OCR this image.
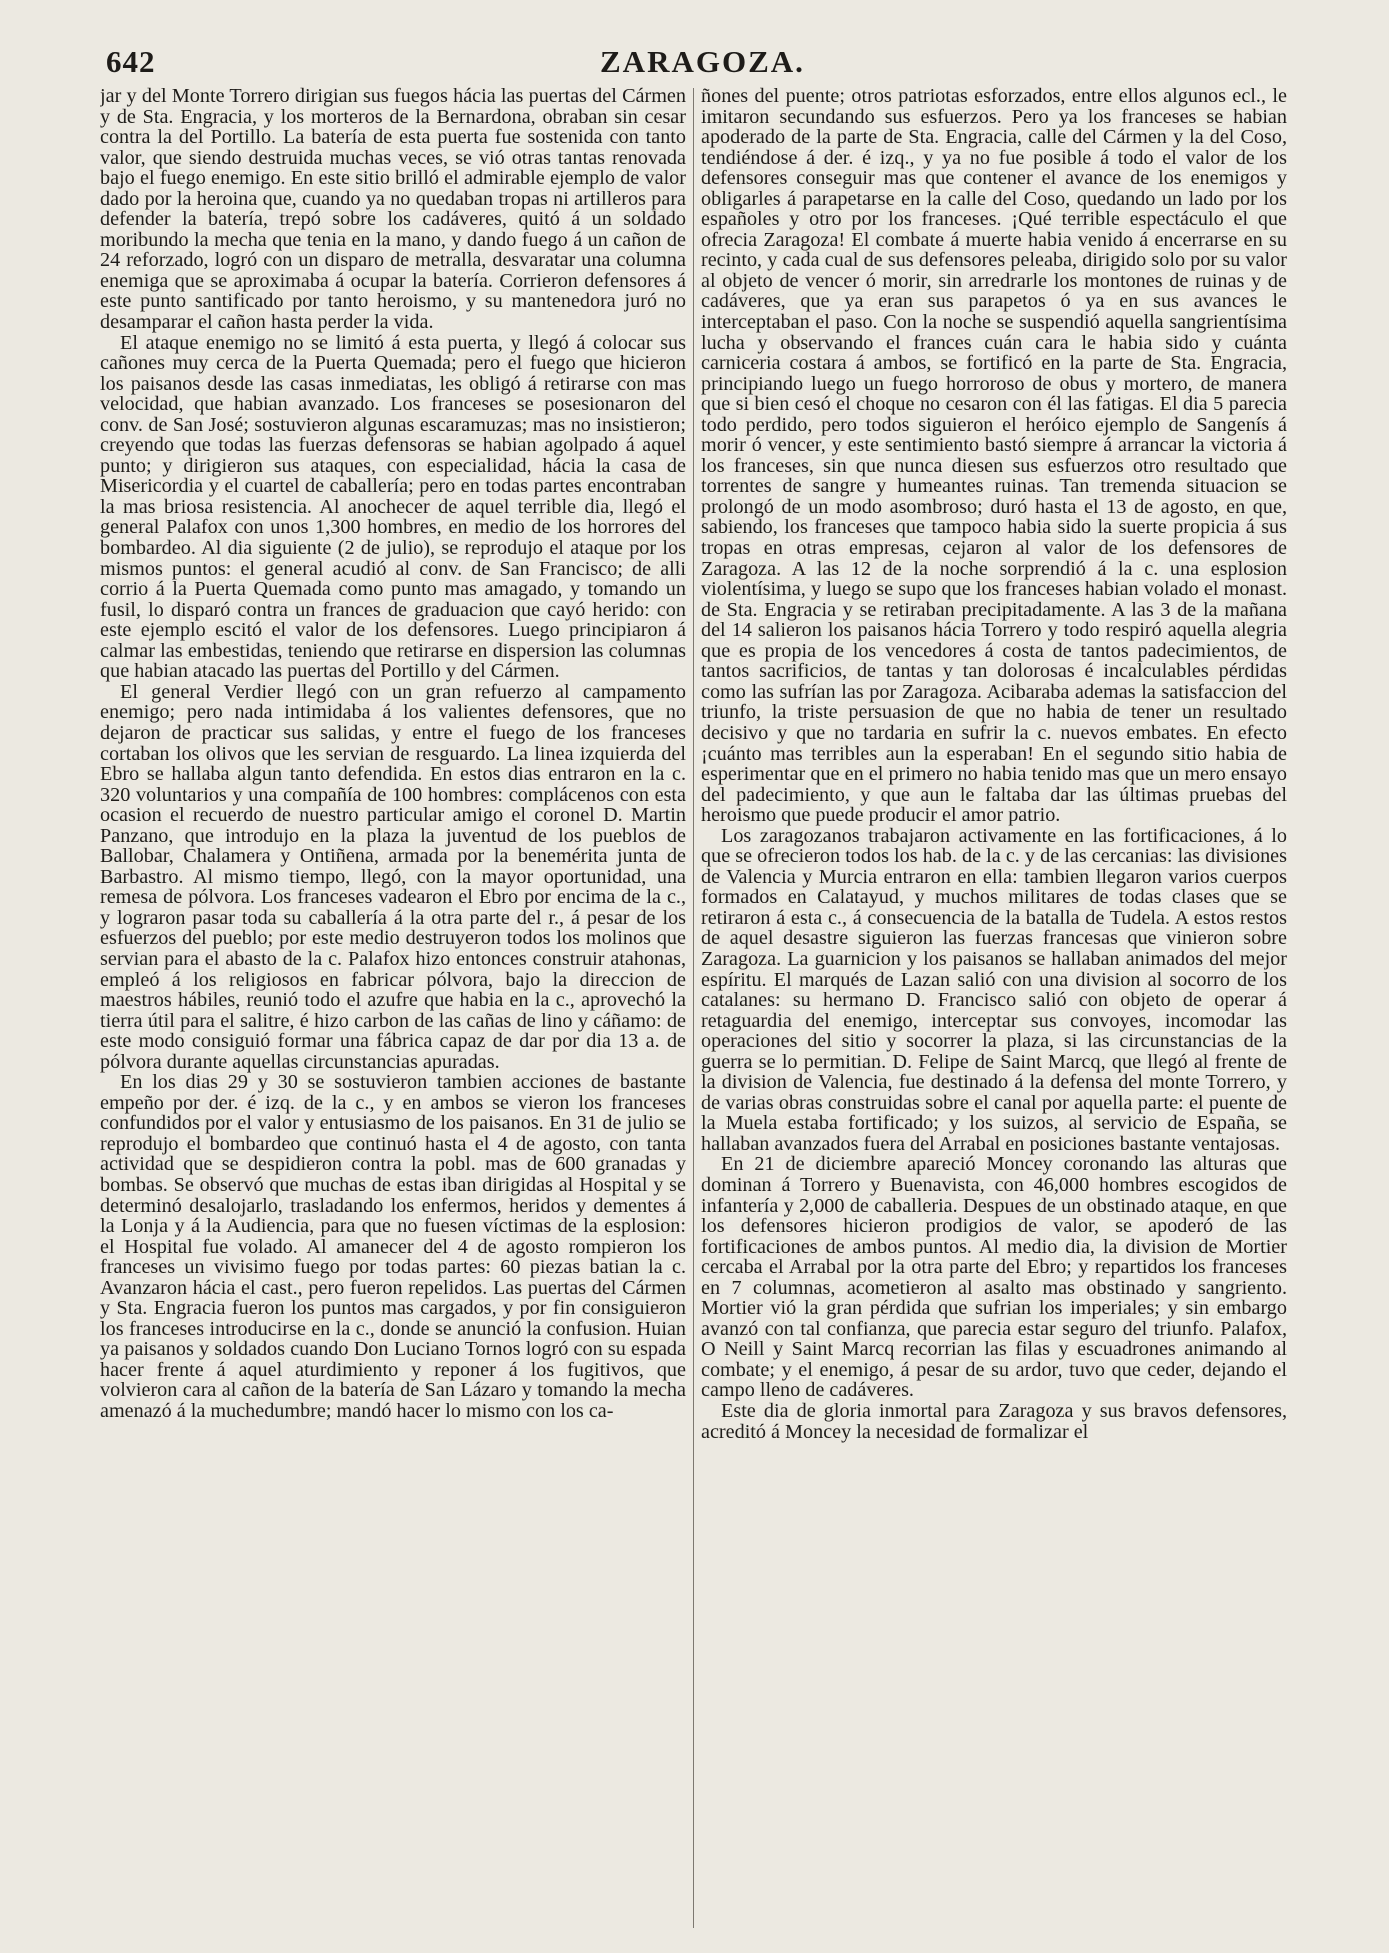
642	ZARAGOZA.

jar y del Monte Torrero dirigian sus fuegos hácia las puertas del Cármen y de Sta. Engracia, y los morteros de la Bernardona, obraban sin cesar contra la del Portillo. La batería de esta puerta fue sostenida con tanto valor, que siendo destruida muchas veces, se vió otras tantas renovada bajo el fuego enemigo. En este sitio brilló el admirable ejemplo de valor dado por la heroina que, cuando ya no quedaban tropas ni artilleros para defender la batería, trepó sobre los cadáveres, quitó á un soldado moribundo la mecha que tenia en la mano, y dando fuego á un cañon de 24 reforzado, logró con un disparo de metralla, desvaratar una columna enemiga que se aproximaba á ocupar la batería. Corrieron defensores á este punto santificado por tanto heroismo, y su mantenedora juró no desamparar el cañon hasta perder la vida.

El ataque enemigo no se limitó á esta puerta, y llegó á colocar sus cañones muy cerca de la Puerta Quemada; pero el fuego que hicieron los paisanos desde las casas inmediatas, les obligó á retirarse con mas velocidad, que habian avanzado. Los franceses se posesionaron del conv. de San José; sostuvieron algunas escaramuzas; mas no insistieron; creyendo que todas las fuerzas defensoras se habian agolpado á aquel punto; y dirigieron sus ataques, con especialidad, hácia la casa de Misericordia y el cuartel de caballería; pero en todas partes encontraban la mas briosa resistencia. Al anochecer de aquel terrible dia, llegó el general Palafox con unos 1,300 hombres, en medio de los horrores del bombardeo. Al dia siguiente (2 de julio), se reprodujo el ataque por los mismos puntos: el general acudió al conv. de San Francisco; de alli corrio á la Puerta Quemada como punto mas amagado, y tomando un fusil, lo disparó contra un frances de graduacion que cayó herido: con este ejemplo escitó el valor de los defensores. Luego principiaron á calmar las embestidas, teniendo que retirarse en dispersion las columnas que habian atacado las puertas del Portillo y del Cármen.

El general Verdier llegó con un gran refuerzo al campamento enemigo; pero nada intimidaba á los valientes defensores, que no dejaron de practicar sus salidas, y entre el fuego de los franceses cortaban los olivos que les servian de resguardo. La linea izquierda del Ebro se hallaba algun tanto defendida. En estos dias entraron en la c. 320 voluntarios y una compañía de 100 hombres: complácenos con esta ocasion el recuerdo de nuestro particular amigo el coronel D. Martin Panzano, que introdujo en la plaza la juventud de los pueblos de Ballobar, Chalamera y Ontiñena, armada por la benemérita junta de Barbastro. Al mismo tiempo, llegó, con la mayor oportunidad, una remesa de pólvora. Los franceses vadearon el Ebro por encima de la c., y lograron pasar toda su caballería á la otra parte del r., á pesar de los esfuerzos del pueblo; por este medio destruyeron todos los molinos que servian para el abasto de la c. Palafox hizo entonces construir atahonas, empleó á los religiosos en fabricar pólvora, bajo la direccion de maestros hábiles, reunió todo el azufre que habia en la c., aprovechó la tierra útil para el salitre, é hizo carbon de las cañas de lino y cáñamo: de este modo consiguió formar una fábrica capaz de dar por dia 13 a. de pólvora durante aquellas circunstancias apuradas.

En los dias 29 y 30 se sostuvieron tambien acciones de bastante empeño por der. é izq. de la c., y en ambos se vieron los franceses confundidos por el valor y entusiasmo de los paisanos. En 31 de julio se reprodujo el bombardeo que continuó hasta el 4 de agosto, con tanta actividad que se despidieron contra la pobl. mas de 600 granadas y bombas. Se observó que muchas de estas iban dirigidas al Hospital y se determinó desalojarlo, trasladando los enfermos, heridos y dementes á la Lonja y á la Audiencia, para que no fuesen víctimas de la esplosion: el Hospital fue volado. Al amanecer del 4 de agosto rompieron los franceses un vivisimo fuego por todas partes: 60 piezas batian la c. Avanzaron hácia el cast., pero fueron repelidos. Las puertas del Cármen y Sta. Engracia fueron los puntos mas cargados, y por fin consiguieron los franceses introducirse en la c., donde se anunció la confusion. Huian ya paisanos y soldados cuando Don Luciano Tornos logró con su espada hacer frente á aquel aturdimiento y reponer á los fugitivos, que volvieron cara al cañon de la batería de San Lázaro y tomando la mecha amenazó á la muchedumbre; mandó hacer lo mismo con los ca-

ñones del puente; otros patriotas esforzados, entre ellos algunos ecl., le imitaron secundando sus esfuerzos. Pero ya los franceses se habian apoderado de la parte de Sta. Engracia, calle del Cármen y la del Coso, tendiéndose á der. é izq., y ya no fue posible á todo el valor de los defensores conseguir mas que contener el avance de los enemigos y obligarles á parapetarse en la calle del Coso, quedando un lado por los españoles y otro por los franceses. ¡Qué terrible espectáculo el que ofrecia Zaragoza! El combate á muerte habia venido á encerrarse en su recinto, y cada cual de sus defensores peleaba, dirigido solo por su valor al objeto de vencer ó morir, sin arredrarle los montones de ruinas y de cadáveres, que ya eran sus parapetos ó ya en sus avances le interceptaban el paso. Con la noche se suspendió aquella sangrientísima lucha y observando el frances cuán cara le habia sido y cuánta carniceria costara á ambos, se fortificó en la parte de Sta. Engracia, principiando luego un fuego horroroso de obus y mortero, de manera que si bien cesó el choque no cesaron con él las fatigas. El dia 5 parecia todo perdido, pero todos siguieron el heróico ejemplo de Sangenís á morir ó vencer, y este sentimiento bastó siempre á arrancar la victoria á los franceses, sin que nunca diesen sus esfuerzos otro resultado que torrentes de sangre y humeantes ruinas. Tan tremenda situacion se prolongó de un modo asombroso; duró hasta el 13 de agosto, en que, sabiendo, los franceses que tampoco habia sido la suerte propicia á sus tropas en otras empresas, cejaron al valor de los defensores de Zaragoza. A las 12 de la noche sorprendió á la c. una esplosion violentísima, y luego se supo que los franceses habian volado el monast. de Sta. Engracia y se retiraban precipitadamente. A las 3 de la mañana del 14 salieron los paisanos hácia Torrero y todo respiró aquella alegria que es propia de los vencedores á costa de tantos padecimientos, de tantos sacrificios, de tantas y tan dolorosas é incalculables pérdidas como las sufrían las por Zaragoza. Acibaraba ademas la satisfaccion del triunfo, la triste persuasion de que no habia de tener un resultado decisivo y que no tardaria en sufrir la c. nuevos embates. En efecto ¡cuánto mas terribles aun la esperaban! En el segundo sitio habia de esperimentar que en el primero no habia tenido mas que un mero ensayo del padecimiento, y que aun le faltaba dar las últimas pruebas del heroismo que puede producir el amor patrio.

Los zaragozanos trabajaron activamente en las fortificaciones, á lo que se ofrecieron todos los hab. de la c. y de las cercanias: las divisiones de Valencia y Murcia entraron en ella: tambien llegaron varios cuerpos formados en Calatayud, y muchos militares de todas clases que se retiraron á esta c., á consecuencia de la batalla de Tudela. A estos restos de aquel desastre siguieron las fuerzas francesas que vinieron sobre Zaragoza. La guarnicion y los paisanos se hallaban animados del mejor espíritu. El marqués de Lazan salió con una division al socorro de los catalanes: su hermano D. Francisco salió con objeto de operar á retaguardia del enemigo, interceptar sus convoyes, incomodar las operaciones del sitio y socorrer la plaza, si las circunstancias de la guerra se lo permitian. D. Felipe de Saint Marcq, que llegó al frente de la division de Valencia, fue destinado á la defensa del monte Torrero, y de varias obras construidas sobre el canal por aquella parte: el puente de la Muela estaba fortificado; y los suizos, al servicio de España, se hallaban avanzados fuera del Arrabal en posiciones bastante ventajosas.

En 21 de diciembre apareció Moncey coronando las alturas que dominan á Torrero y Buenavista, con 46,000 hombres escogidos de infantería y 2,000 de caballeria. Despues de un obstinado ataque, en que los defensores hicieron prodigios de valor, se apoderó de las fortificaciones de ambos puntos. Al medio dia, la division de Mortier cercaba el Arrabal por la otra parte del Ebro; y repartidos los franceses en 7 columnas, acometieron al asalto mas obstinado y sangriento. Mortier vió la gran pérdida que sufrian los imperiales; y sin embargo avanzó con tal confianza, que parecia estar seguro del triunfo. Palafox, O Neill y Saint Marcq recorrian las filas y escuadrones animando al combate; y el enemigo, á pesar de su ardor, tuvo que ceder, dejando el campo lleno de cadáveres.

Este dia de gloria inmortal para Zaragoza y sus bravos defensores, acreditó á Moncey la necesidad de formalizar el
